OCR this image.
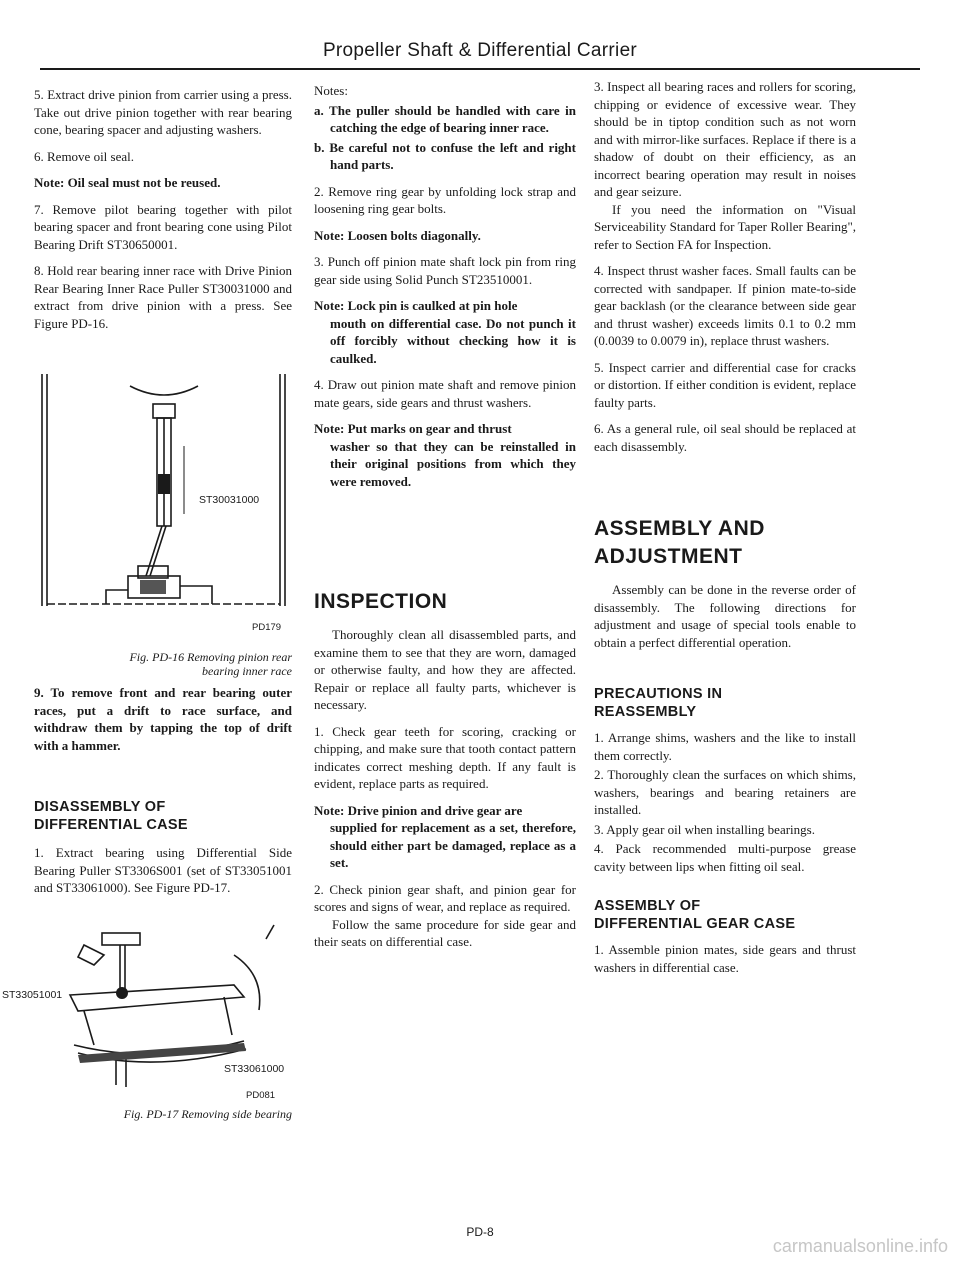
Propeller Shaft & Differential Carrier

5. Extract drive pinion from carrier using a press. Take out drive pinion together with rear bearing cone, bearing spacer and adjusting washers.

6. Remove oil seal.

Note: Oil seal must not be reused.

7. Remove pilot bearing together with pilot bearing spacer and front bearing cone using Pilot Bearing Drift ST30650001.

8. Hold rear bearing inner race with Drive Pinion Rear Bearing Inner Race Puller ST30031000 and extract from drive pinion with a press. See Figure PD-16.

ST30031000
PD179
Fig. PD-16 Removing pinion rear
bearing inner race

9. To remove front and rear bearing outer races, put a drift to race surface, and withdraw them by tapping the top of drift with a hammer.

DISASSEMBLY OF
DIFFERENTIAL CASE

1. Extract bearing using Differential Side Bearing Puller ST3306S001 (set of ST33051001 and ST33061000). See Figure PD-17.

ST33051001
ST33061000
PD081
Fig. PD-17 Removing side bearing

Notes:

a. The puller should be handled with care in catching the edge of bearing inner race.

b. Be careful not to confuse the left and right hand parts.

2. Remove ring gear by unfolding lock strap and loosening ring gear bolts.

Note: Loosen bolts diagonally.

3. Punch off pinion mate shaft lock pin from ring gear side using Solid Punch ST23510001.

Note: Lock pin is caulked at pin hole

mouth on differential case. Do not punch it off forcibly without checking how it is caulked.

4. Draw out pinion mate shaft and remove pinion mate gears, side gears and thrust washers.

Note: Put marks on gear and thrust

washer so that they can be reinstalled in their original positions from which they were removed.

INSPECTION

Thoroughly clean all disassembled parts, and examine them to see that they are worn, damaged or otherwise faulty, and how they are affected. Repair or replace all faulty parts, whichever is necessary.

1. Check gear teeth for scoring, cracking or chipping, and make sure that tooth contact pattern indicates correct meshing depth. If any fault is evident, replace parts as required.

Note: Drive pinion and drive gear are

supplied for replacement as a set, therefore, should either part be damaged, replace as a set.

2. Check pinion gear shaft, and pinion gear for scores and signs of wear, and replace as required.

Follow the same procedure for side gear and their seats on differential case.

3. Inspect all bearing races and rollers for scoring, chipping or evidence of excessive wear. They should be in tiptop condition such as not worn and with mirror-like surfaces. Replace if there is a shadow of doubt on their efficiency, as an incorrect bearing operation may result in noises and gear seizure.

If you need the information on "Visual Serviceability Standard for Taper Roller Bearing", refer to Section FA for Inspection.

4. Inspect thrust washer faces. Small faults can be corrected with sandpaper. If pinion mate-to-side gear backlash (or the clearance between side gear and thrust washer) exceeds limits 0.1 to 0.2 mm (0.0039 to 0.0079 in), replace thrust washers.

5. Inspect carrier and differential case for cracks or distortion. If either condition is evident, replace faulty parts.

6. As a general rule, oil seal should be replaced at each disassembly.

ASSEMBLY AND
ADJUSTMENT

Assembly can be done in the reverse order of disassembly. The following directions for adjustment and usage of special tools enable to obtain a perfect differential operation.

PRECAUTIONS IN
REASSEMBLY

1. Arrange shims, washers and the like to install them correctly.

2. Thoroughly clean the surfaces on which shims, washers, bearings and bearing retainers are installed.

3. Apply gear oil when installing bearings.

4. Pack recommended multi-purpose grease cavity between lips when fitting oil seal.

ASSEMBLY OF
DIFFERENTIAL GEAR CASE

1. Assemble pinion mates, side gears and thrust washers in differential case.

PD-8
carmanualsonline.info
